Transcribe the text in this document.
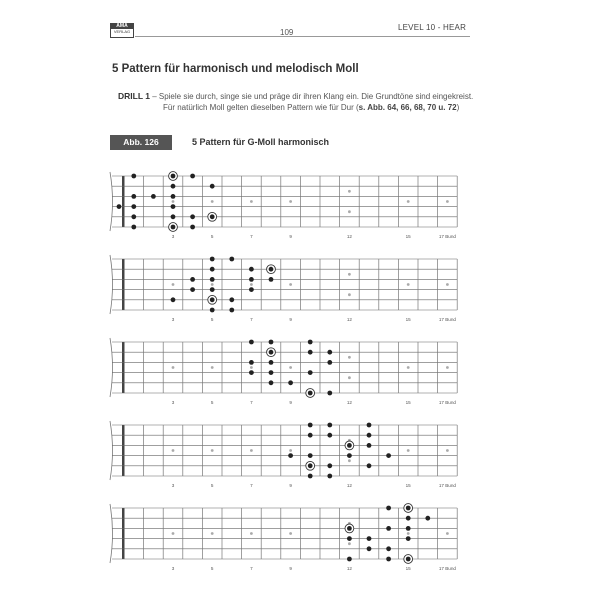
AMA
VERLAG	109
LEVEL 10 - HEAR
5 Pattern für harmonisch und melodisch Moll
DRILL 1 – Spiele sie durch, singe sie und präge dir ihren Klang ein. Die Grundtöne sind eingekreist.
Für natürlich Moll gelten dieselben Pattern wie für Dur (s. Abb. 64, 66, 68, 70 u. 72)
Abb. 126	5 Pattern für G-Moll harmonisch
3	5	7	9	12	15	17 Bund
3	5	7	9	12	15	17 Bund
3	5	7	9	12	15	17 Bund
3	5	7	9	12	15	17 Bund
3	5	7	9	12	15	17 Bund
